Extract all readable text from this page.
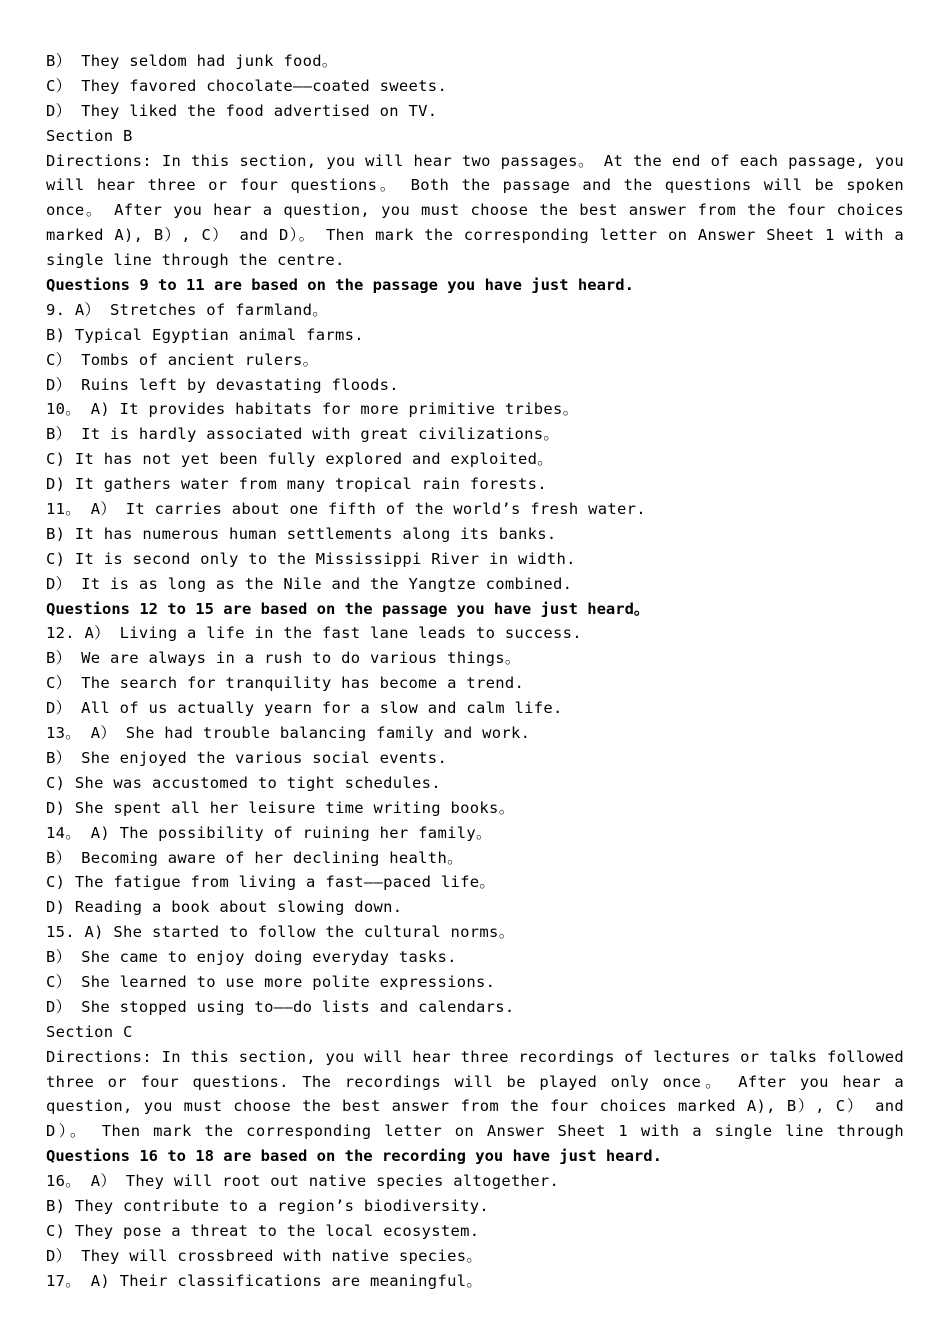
B） They seldom had junk food。
C） They favored chocolate——coated sweets.
D） They liked the food advertised on TV.
Section B
Directions: In this section, you will hear two passages。 At the end of each passage, you
will hear three or four questions。 Both the passage and the questions will be spoken
once。 After you hear a question, you must choose the best answer from the four choices
marked A), B）, C） and D）。 Then mark the corresponding letter on Answer Sheet 1 with a
single line through the centre.
Questions 9 to 11 are based on the passage you have just heard.
9. A） Stretches of farmland。
B) Typical Egyptian animal farms.
C） Tombs of ancient rulers。
D） Ruins left by devastating floods.
10。 A) It provides habitats for more primitive tribes。
B） It is hardly associated with great civilizations。
C) It has not yet been fully explored and exploited。
D) It gathers water from many tropical rain forests.
11。 A） It carries about one fifth of the world’s fresh water.
B) It has numerous human settlements along its banks.
C) It is second only to the Mississippi River in width.
D） It is as long as the Nile and the Yangtze combined.
Questions 12 to 15 are based on the passage you have just heard。
12. A） Living a life in the fast lane leads to success.
B） We are always in a rush to do various things。
C） The search for tranquility has become a trend.
D） All of us actually yearn for a slow and calm life.
13。 A） She had trouble balancing family and work.
B） She enjoyed the various social events.
C) She was accustomed to tight schedules.
D) She spent all her leisure time writing books。
14。 A) The possibility of ruining her family。
B） Becoming aware of her declining health。
C) The fatigue from living a fast——paced life。
D) Reading a book about slowing down.
15. A) She started to follow the cultural norms。
B） She came to enjoy doing everyday tasks.
C） She learned to use more polite expressions.
D） She stopped using to——do lists and calendars.
Section C
Directions: In this section, you will hear three recordings of lectures or talks followed
three or four questions. The recordings will be played only once。 After you hear a
question, you must choose the best answer from the four choices marked A), B）, C） and
D）。 Then mark the corresponding letter on Answer Sheet 1 with a single line through
Questions 16 to 18 are based on the recording you have just heard.
16。 A） They will root out native species altogether.
B) They contribute to a region’s biodiversity.
C) They pose a threat to the local ecosystem.
D） They will crossbreed with native species。
17。 A) Their classifications are meaningful。
